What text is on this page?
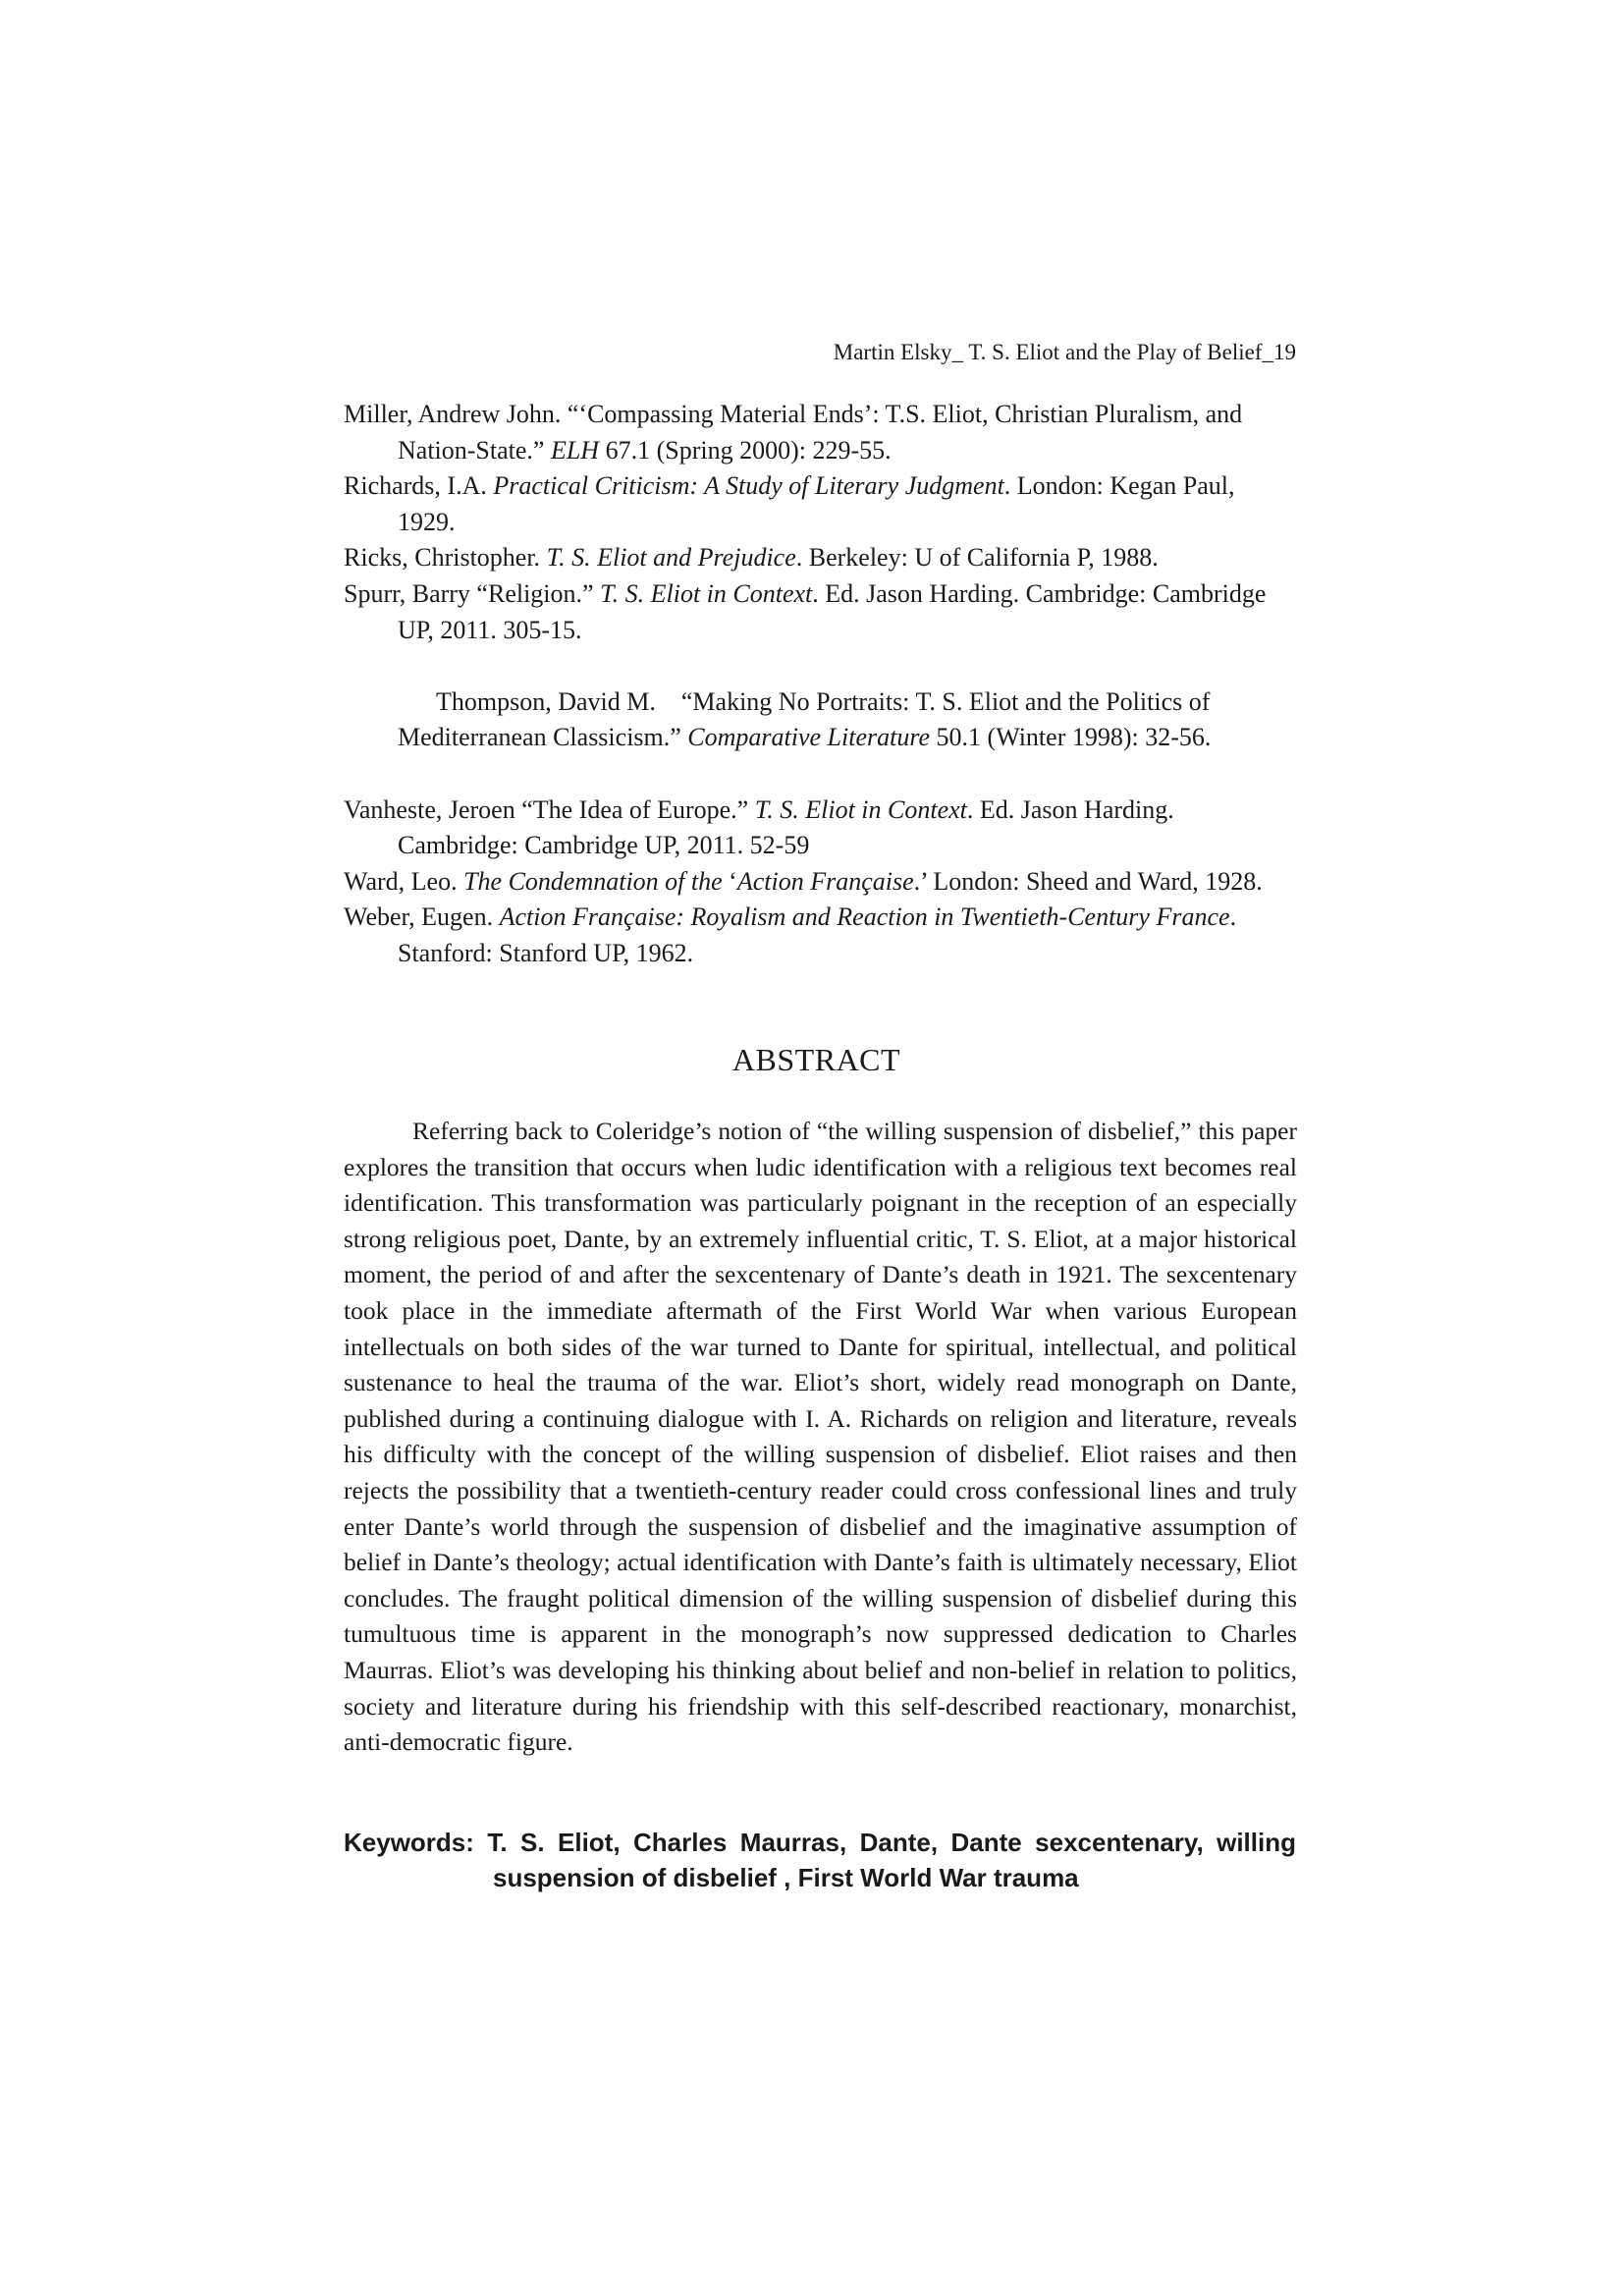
Martin Elsky_ T. S. Eliot and the Play of Belief_19
Miller, Andrew John. “‘Compassing Material Ends’: T.S. Eliot, Christian Pluralism, and Nation-State.” ELH 67.1 (Spring 2000): 229-55.
Richards, I.A. Practical Criticism: A Study of Literary Judgment. London: Kegan Paul, 1929.
Ricks, Christopher. T. S. Eliot and Prejudice. Berkeley: U of California P, 1988.
Spurr, Barry “Religion.” T. S. Eliot in Context. Ed. Jason Harding. Cambridge: Cambridge UP, 2011. 305-15.

Thompson, David M.    “Making No Portraits: T. S. Eliot and the Politics of Mediterranean Classicism.” Comparative Literature 50.1 (Winter 1998): 32-56.

Vanheste, Jeroen “The Idea of Europe.” T. S. Eliot in Context. Ed. Jason Harding. Cambridge: Cambridge UP, 2011. 52-59
Ward, Leo. The Condemnation of the ‘Action Française.’ London: Sheed and Ward, 1928.
Weber, Eugen. Action Française: Royalism and Reaction in Twentieth-Century France. Stanford: Stanford UP, 1962.
ABSTRACT

Referring back to Coleridge’s notion of “the willing suspension of disbelief,” this paper explores the transition that occurs when ludic identification with a religious text becomes real identification. This transformation was particularly poignant in the reception of an especially strong religious poet, Dante, by an extremely influential critic, T. S. Eliot, at a major historical moment, the period of and after the sexcentenary of Dante’s death in 1921. The sexcentenary took place in the immediate aftermath of the First World War when various European intellectuals on both sides of the war turned to Dante for spiritual, intellectual, and political sustenance to heal the trauma of the war. Eliot’s short, widely read monograph on Dante, published during a continuing dialogue with I. A. Richards on religion and literature, reveals his difficulty with the concept of the willing suspension of disbelief. Eliot raises and then rejects the possibility that a twentieth-century reader could cross confessional lines and truly enter Dante’s world through the suspension of disbelief and the imaginative assumption of belief in Dante’s theology; actual identification with Dante’s faith is ultimately necessary, Eliot concludes. The fraught political dimension of the willing suspension of disbelief during this tumultuous time is apparent in the monograph’s now suppressed dedication to Charles Maurras. Eliot’s was developing his thinking about belief and non-belief in relation to politics, society and literature during his friendship with this self-described reactionary, monarchist, anti-democratic figure.

Keywords: T. S. Eliot, Charles Maurras, Dante, Dante sexcentenary, willing suspension of disbelief , First World War trauma
